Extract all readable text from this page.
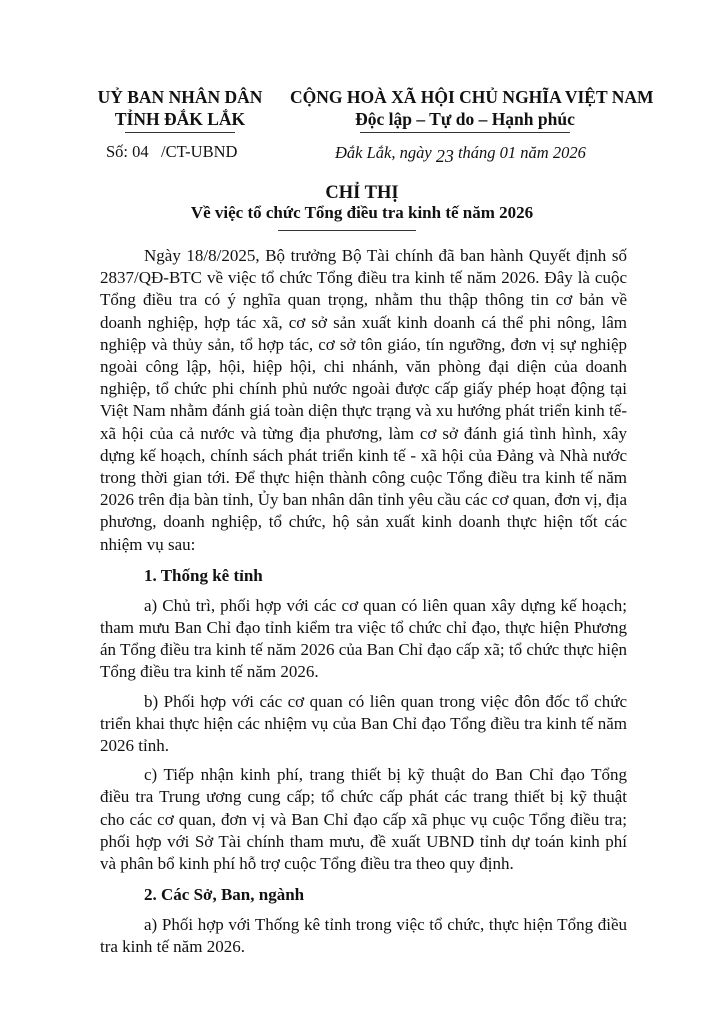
UỶ BAN NHÂN DÂN
TỈNH ĐẮK LẮK
CỘNG HOÀ XÃ HỘI CHỦ NGHĨA VIỆT NAM
Độc lập – Tự do – Hạnh phúc
Số: 04   /CT-UBND	Đắk Lắk, ngày 23 tháng 01 năm 2026
CHỈ THỊ
Về việc tổ chức Tổng điều tra kinh tế năm 2026

Ngày 18/8/2025, Bộ trưởng Bộ Tài chính đã ban hành Quyết định số 2837/QĐ-BTC về việc tổ chức Tổng điều tra kinh tế năm 2026. Đây là cuộc Tổng điều tra có ý nghĩa quan trọng, nhằm thu thập thông tin cơ bản về doanh nghiệp, hợp tác xã, cơ sở sản xuất kinh doanh cá thể phi nông, lâm nghiệp và thủy sản, tổ hợp tác, cơ sở tôn giáo, tín ngưỡng, đơn vị sự nghiệp ngoài công lập, hội, hiệp hội, chi nhánh, văn phòng đại diện của doanh nghiệp, tổ chức phi chính phủ nước ngoài được cấp giấy phép hoạt động tại Việt Nam nhằm đánh giá toàn diện thực trạng và xu hướng phát triển kinh tế-xã hội của cả nước và từng địa phương, làm cơ sở đánh giá tình hình, xây dựng kế hoạch, chính sách phát triển kinh tế - xã hội của Đảng và Nhà nước trong thời gian tới. Để thực hiện thành công cuộc Tổng điều tra kinh tế năm 2026 trên địa bàn tỉnh, Ủy ban nhân dân tỉnh yêu cầu các cơ quan, đơn vị, địa phương, doanh nghiệp, tổ chức, hộ sản xuất kinh doanh thực hiện tốt các nhiệm vụ sau:

1. Thống kê tỉnh

a) Chủ trì, phối hợp với các cơ quan có liên quan xây dựng kế hoạch; tham mưu Ban Chỉ đạo tỉnh kiểm tra việc tổ chức chỉ đạo, thực hiện Phương án Tổng điều tra kinh tế năm 2026 của Ban Chỉ đạo cấp xã; tổ chức thực hiện Tổng điều tra kinh tế năm 2026.

b) Phối hợp với các cơ quan có liên quan trong việc đôn đốc tổ chức triển khai thực hiện các nhiệm vụ của Ban Chỉ đạo Tổng điều tra kinh tế năm 2026 tỉnh.

c) Tiếp nhận kinh phí, trang thiết bị kỹ thuật do Ban Chỉ đạo Tổng điều tra Trung ương cung cấp; tổ chức cấp phát các trang thiết bị kỹ thuật cho các cơ quan, đơn vị và Ban Chỉ đạo cấp xã phục vụ cuộc Tổng điều tra; phối hợp với Sở Tài chính tham mưu, đề xuất UBND tỉnh dự toán kinh phí và phân bổ kinh phí hỗ trợ cuộc Tổng điều tra theo quy định.

2. Các Sở, Ban, ngành

a) Phối hợp với Thống kê tỉnh trong việc tổ chức, thực hiện Tổng điều tra kinh tế năm 2026.
